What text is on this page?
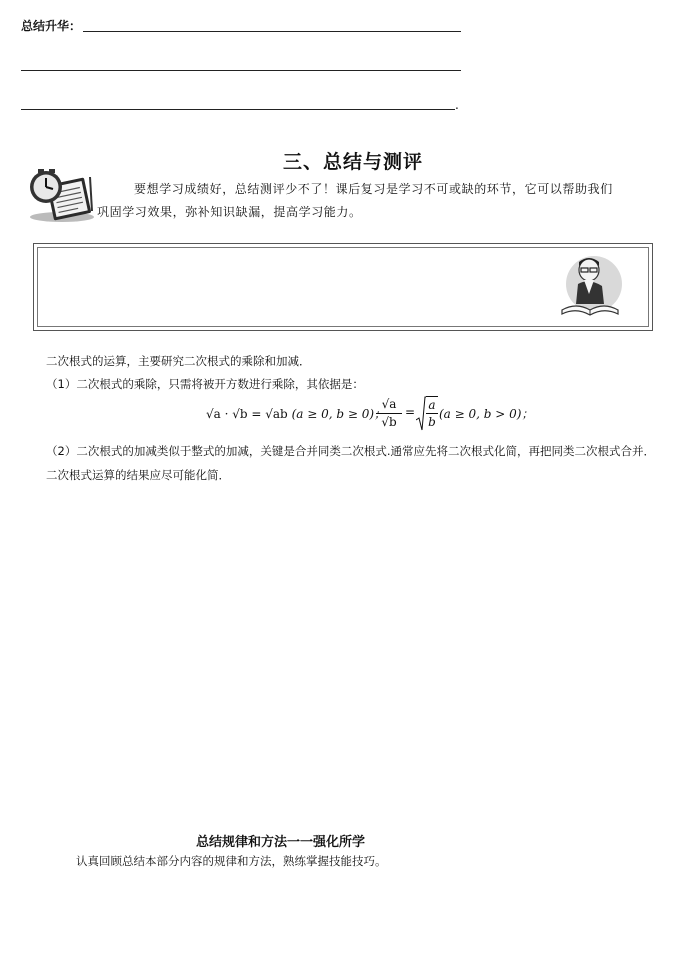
总结升华：
.
三、总结与测评
要想学习成绩好，总结测评少不了！课后复习是学习不可或缺的环节，它可以帮助我们
巩固学习效果，弥补知识缺漏，提高学习能力。
二次根式的运算，主要研究二次根式的乘除和加减．
（1）二次根式的乘除，只需将被开方数进行乘除，其依据是：
√a · √b = √ab (a ≥ 0, b ≥ 0)；
$\frac{√a}{√b} = \frac{a}{b} (a \ge 0$, b > 0)；
（2）二次根式的加减类似于整式的加减，关键是合并同类二次根式.通常应先将二次根式化简，再把同类二次根式合并．
二次根式运算的结果应尽可能化简．
总结规律和方法一一强化所学
认真回顾总结本部分内容的规律和方法，熟练掌握技能技巧。
